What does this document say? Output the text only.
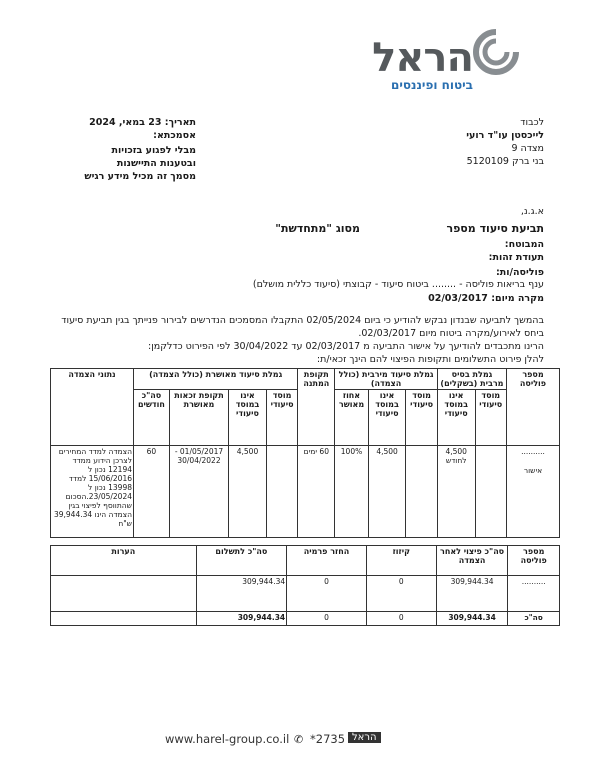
הראל
ביטוח ופיננסים
מבלי לפגוע בזכויות
ובטענות התיישנות
מסמך זה מכיל מידע רגיש
תאריך: 23 במאי, 2024
אסמכתא:
לכבוד
לייכסטן עו"ד רועי
מצדה 9
בני ברק 5120109
א.ג.נ,
תביעת סיעוד מספר
מסוג "מתחדשת"
המבוטח:
תעודת זהות:
פוליסה/ות:
ענף בריאות פוליסה - ........ ביטוח סיעוד - קבוצתי (סיעוד כללית מושלם)
מקרה מיום: 02/03/2017
בהמשך לתביעה שבנדון נבקש להודיע כי ביום 02/05/2024 התקבלו המסמכים הנדרשים לבירור פנייתך בגין תביעת סיעוד
ביחס לאירוע/מקרה ביטוח מיום 02/03/2017.
הרינו מתכבדים להודיעך על אישור התביעה מ 02/03/2017 עד 30/04/2022 לפי הפירוט כדלקמן:
להלן פירוט התשלומים ותקופות הפיצוי להם הינך זכאי/ת:
מספר פוליסה	גמלת בסיס מרבית (בשקלים)		גמלת סיעוד מירבית (כולל הצמדה)			תקופת המתנה	גמלת סיעוד מאושרת (כולל הצמדה)				נתוני הצמדה
	מוסד סיעודי	אינו במוסד סיעודי	מוסד סיעודי	אינו במוסד סיעודי	אחוז מאושר		מוסד סיעודי	אינו במוסד סיעודי	תקופת זכאות מאושרת	סה"כ חודשים	

..........
אישור		4,500 לחודש		4,500	100%	60 ימים		4,500	01/05/2017 - 30/04/2022	60	הצמדה למדד המחירים לצרכן הידוע ממדד 12194 נכון ל 15/06/2016 למדד 13998 נכון ל 23/05/2024.הסכום שהתווסף לפיצוי בגין הצמדה הינו 39,944.34 ש"ח
מספר פוליסה	סה"כ פיצוי לאחר הצמדה	קיזוז	החזר פרמיה	סה"כ לתשלום	הערות
..........	309,944.34	0	0	309,944.34	
סה"כ	309,944.34	0	0	309,944.34	
www.harel-group.co.il ✆ *2735 הראל
